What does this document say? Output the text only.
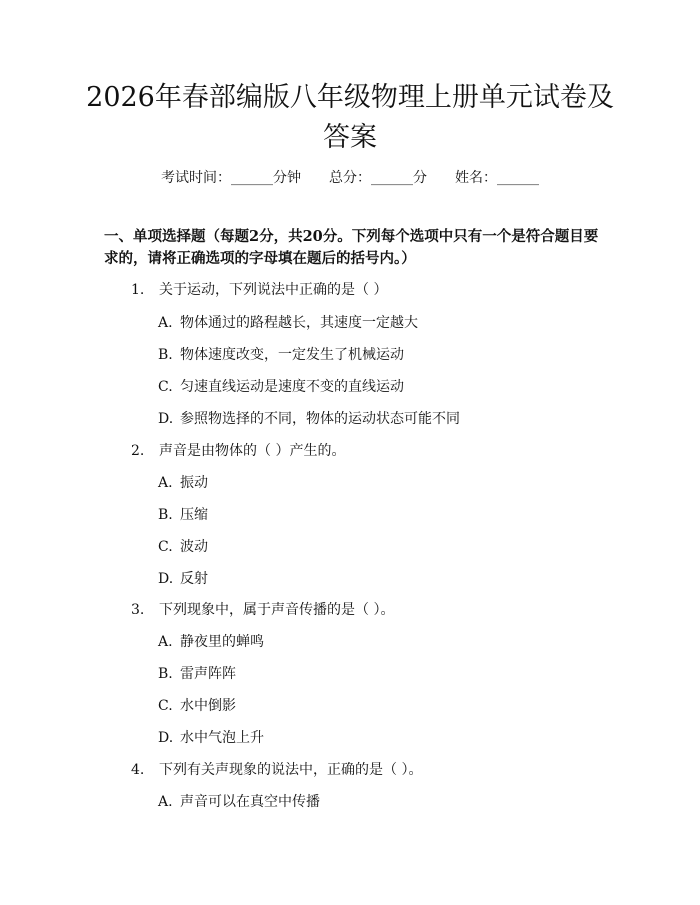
2026年春部编版八年级物理上册单元试卷及答案
考试时间：______分钟 总分：______分 姓名：______

一、单项选择题（每题2分，共20分。下列每个选项中只有一个是符合题目要求的，请将正确选项的字母填在题后的括号内。）

1. 关于运动，下列说法中正确的是（ ）
A. 物体通过的路程越长，其速度一定越大
B. 物体速度改变，一定发生了机械运动
C. 匀速直线运动是速度不变的直线运动
D. 参照物选择的不同，物体的运动状态可能不同
2. 声音是由物体的（ ）产生的。
A. 振动
B. 压缩
C. 波动
D. 反射
3. 下列现象中，属于声音传播的是（ ）。
A. 静夜里的蝉鸣
B. 雷声阵阵
C. 水中倒影
D. 水中气泡上升
4. 下列有关声现象的说法中，正确的是（ ）。
A. 声音可以在真空中传播
